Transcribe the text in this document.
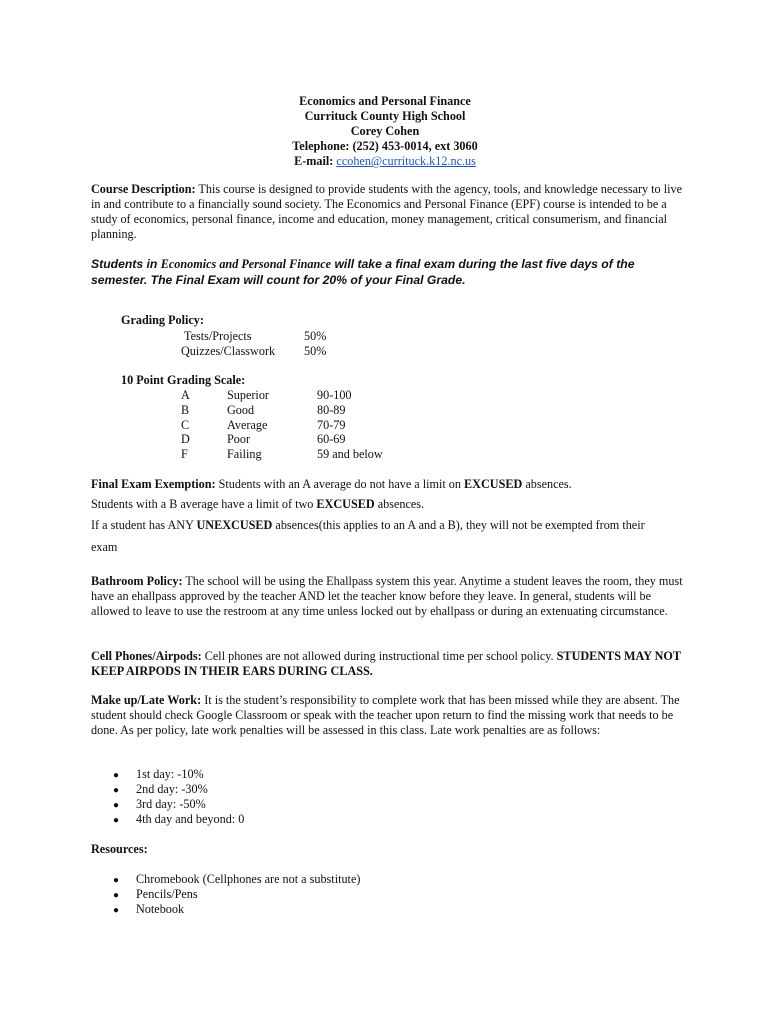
Economics and Personal Finance
Currituck County High School
Corey Cohen
Telephone: (252) 453-0014, ext 3060
E-mail: ccohen@currituck.k12.nc.us
Course Description: This course is designed to provide students with the agency, tools, and knowledge necessary to live in and contribute to a financially sound society. The Economics and Personal Finance (EPF) course is intended to be a study of economics, personal finance, income and education, money management, critical consumerism, and financial planning.
Students in Economics and Personal Finance will take a final exam during the last five days of the semester. The Final Exam will count for 20% of your Final Grade.
Grading Policy:
Tests/Projects	50%
Quizzes/Classwork 50%
10 Point Grading Scale:
A	Superior	90-100
B	Good	80-89
C	Average	70-79
D	Poor	60-69
F	Failing	59 and below
Final Exam Exemption: Students with an A average do not have a limit on EXCUSED absences.
Students with a B average have a limit of two EXCUSED absences.
If a student has ANY UNEXCUSED absences(this applies to an A and a B), they will not be exempted from their
exam
Bathroom Policy: The school will be using the Ehallpass system this year. Anytime a student leaves the room, they must have an ehallpass approved by the teacher AND let the teacher know before they leave. In general, students will be allowed to leave to use the restroom at any time unless locked out by ehallpass or during an extenuating circumstance.
Cell Phones/Airpods: Cell phones are not allowed during instructional time per school policy. STUDENTS MAY NOT KEEP AIRPODS IN THEIR EARS DURING CLASS.
Make up/Late Work: It is the student’s responsibility to complete work that has been missed while they are absent. The student should check Google Classroom or speak with the teacher upon return to find the missing work that needs to be done. As per policy, late work penalties will be assessed in this class. Late work penalties are as follows:
● 1st day: -10%
● 2nd day: -30%
● 3rd day: -50%
● 4th day and beyond: 0
Resources:
● Chromebook (Cellphones are not a substitute)
● Pencils/Pens
● Notebook
